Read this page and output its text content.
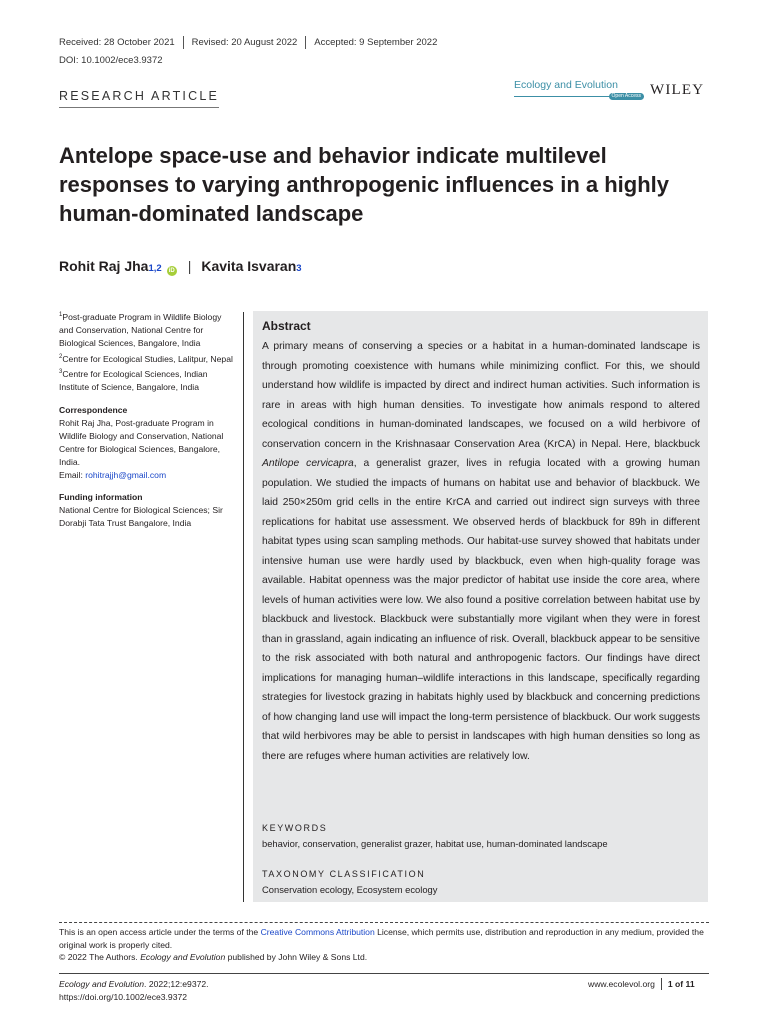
Received: 28 October 2021	Revised: 20 August 2022	Accepted: 9 September 2022
DOI: 10.1002/ece3.9372
RESEARCH ARTICLE
Ecology and Evolution
Open Access WILEY
Antelope space-use and behavior indicate multilevel responses to varying anthropogenic influences in a highly human-dominated landscape
Rohit Raj Jha 1,2	iD | Kavita Isvaran 3

$^1$Post-graduate Program in Wildlife Biology and Conservation, National Centre for Biological Sciences, Bangalore, India

$^2$Centre for Ecological Studies, Lalitpur, Nepal

$^3$Centre for Ecological Sciences, Indian Institute of Science, Bangalore, India

Correspondence

Rohit Raj Jha, Post-graduate Program in Wildlife Biology and Conservation, National Centre for Biological Sciences, Bangalore, India.

Email: rohitrajjh@gmail.com

Funding information

National Centre for Biological Sciences; Sir Dorabji Tata Trust Bangalore, India

Abstract

A primary means of conserving a species or a habitat in a human-dominated landscape is through promoting coexistence with humans while minimizing conflict. For this, we should understand how wildlife is impacted by direct and indirect human activities. Such information is rare in areas with high human densities. To investigate how animals respond to altered ecological conditions in human-dominated landscapes, we focused on a wild herbivore of conservation concern in the Krishnasaar Conservation Area (KrCA) in Nepal. Here, blackbuck Antilope cervicapra, a generalist grazer, lives in refugia located with a growing human population. We studied the impacts of humans on habitat use and behavior of blackbuck. We laid 250×250m grid cells in the entire KrCA and carried out indirect sign surveys with three replications for habitat use assessment. We observed herds of blackbuck for 89h in different habitat types using scan sampling methods. Our habitat-use survey showed that habitats under intensive human use were hardly used by blackbuck, even when high-quality forage was available. Habitat openness was the major predictor of habitat use inside the core area, where levels of human activities were low. We also found a positive correlation between habitat use by blackbuck and livestock. Blackbuck were substantially more vigilant when they were in forest than in grassland, again indicating an influence of risk. Overall, blackbuck appear to be sensitive to the risk associated with both natural and anthropogenic factors. Our findings have direct implications for managing human–wildlife interactions in this landscape, specifically regarding strategies for livestock grazing in habitats highly used by blackbuck and concerning predictions of how changing land use will impact the long-term persistence of blackbuck. Our work suggests that wild herbivores may be able to persist in landscapes with high human densities so long as there are refuges where human activities are relatively low.

KEYWORDS
behavior, conservation, generalist grazer, habitat use, human-dominated landscape
TAXONOMY CLASSIFICATION
Conservation ecology, Ecosystem ecology
This is an open access article under the terms of the Creative Commons Attribution License, which permits use, distribution and reproduction in any medium, provided the original work is properly cited.
© 2022 The Authors. Ecology and Evolution published by John Wiley & Sons Ltd.
Ecology and Evolution. 2022;12:e9372.
https://doi.org/10.1002/ece3.9372
www.ecolevol.org 1 of 11
